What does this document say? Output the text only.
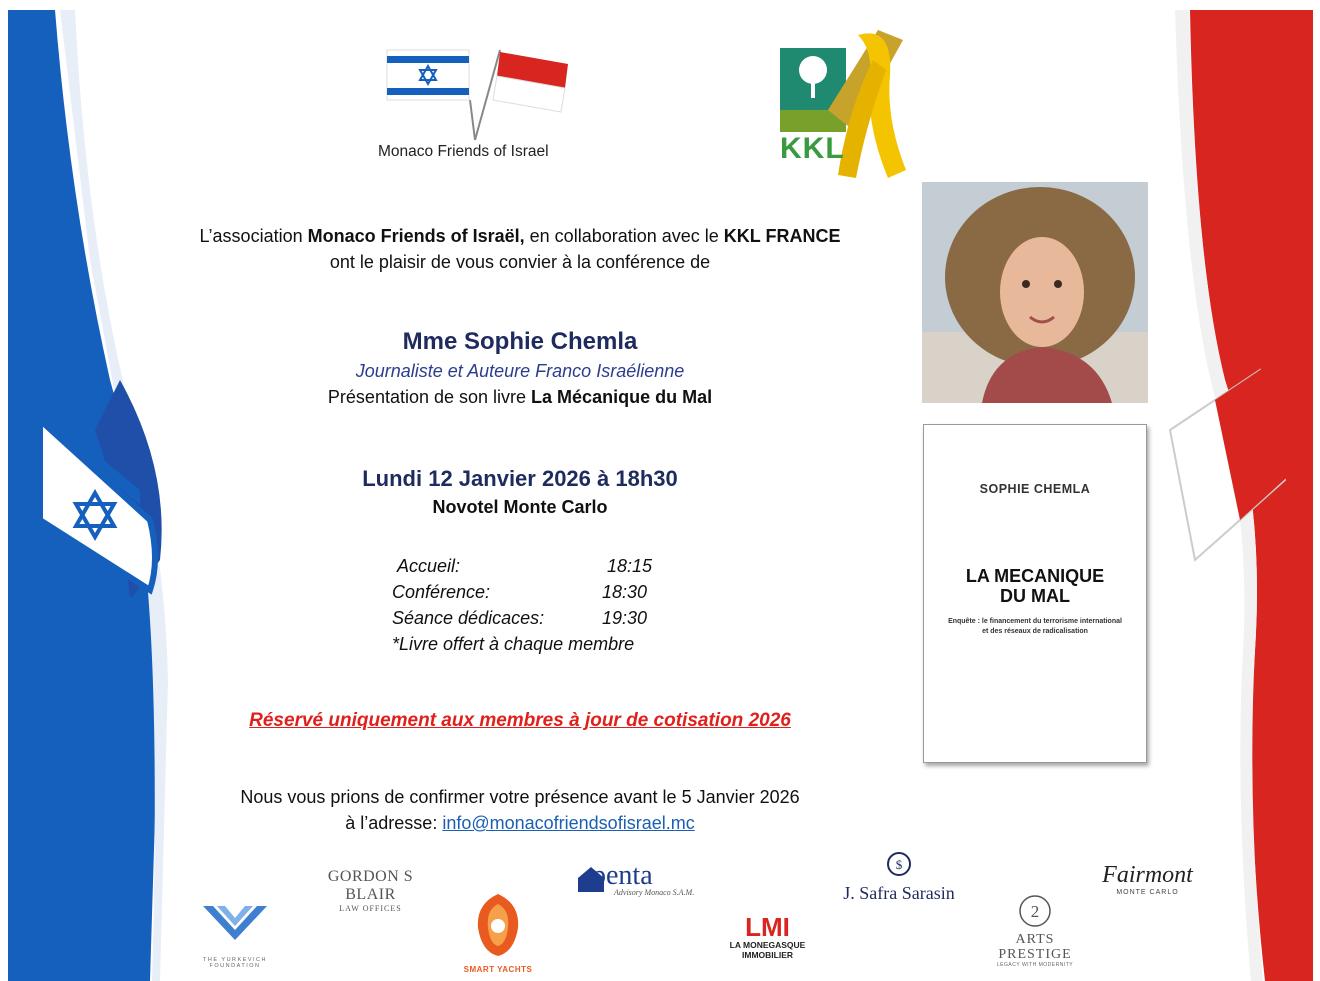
Monaco Friends of Israel	KKL
L’association Monaco Friends of Israël, en collaboration avec le KKL FRANCE
ont le plaisir de vous convier à la conférence de
Mme Sophie Chemla
Journaliste et Auteure Franco Israélienne
Présentation de son livre La Mécanique du Mal
Lundi 12 Janvier 2026 à 18h30
Novotel Monte Carlo
Accueil:	18:15
Conférence:	18:30
Séance dédicaces:	19:30
*Livre offert à chaque membre
Réservé uniquement aux membres à jour de cotisation 2026
Nous vous prions de confirmer votre présence avant le 5 Janvier 2026
à l’adresse: info@monacofriendsofisrael.mc
SOPHIE CHEMLA
LA MECANIQUE
DU MAL
Enquête : le financement du terrorisme international et des réseaux de radicalisation
GORDON S BLAIR
LAW OFFICES
penta
Advisory Monaco S.A.M.
$
J. Safra Sarasin
Fairmont
MONTE CARLO
THE YURKEVICH FOUNDATION	SMART YACHTS
LMI
LA MONEGASQUE
IMMOBILIER
2
ARTS
PRESTIGE
LEGACY WITH MODERNITY
